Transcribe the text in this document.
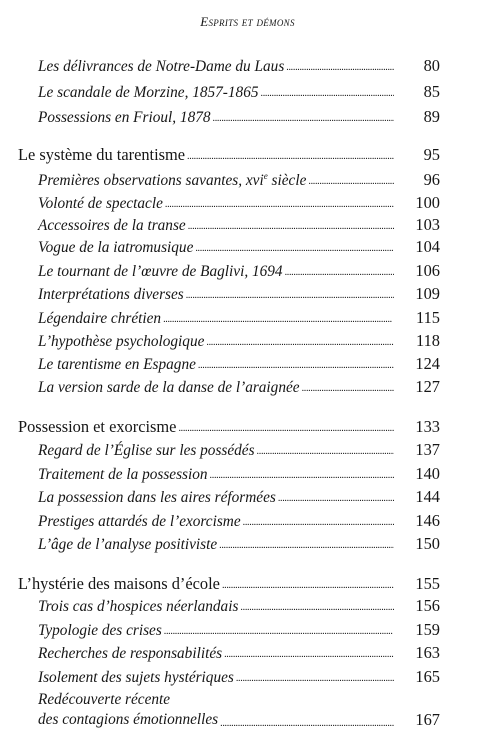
Esprits et démons
Les délivrances de Notre-Dame du Laus . . .	80
Le scandale de Morzine, 1857-1865 . . .	85
Possessions en Frioul, 1878 . . .	89
Le système du tarentisme . . .	95
Premières observations savantes, xvi$^e$ siècle . . .	96
Volonté de spectacle . . .	100
Accessoires de la transe . . .	103
Vogue de la iatromusique . . .	104
Le tournant de l’œuvre de Baglivi, 1694 . . .	106
Interprétations diverses . . .	109
Légendaire chrétien . . .	115
L’hypothèse psychologique . . .	118
Le tarentisme en Espagne . . .	124
La version sarde de la danse de l’araignée . . .	127
Possession et exorcisme . . .	133
Regard de l’Église sur les possédés . . .	137
Traitement de la possession . . .	140
La possession dans les aires réformées . . .	144
Prestiges attardés de l’exorcisme . . .	146
L’âge de l’analyse positiviste . . .	150
L’hystérie des maisons d’école . . .	155
Trois cas d’hospices néerlandais . . .	156
Typologie des crises . . .	159
Recherches de responsabilités . . .	163
Isolement des sujets hystériques . . .	165
Redécouverte récente
des contagions émotionnelles . . .	167
